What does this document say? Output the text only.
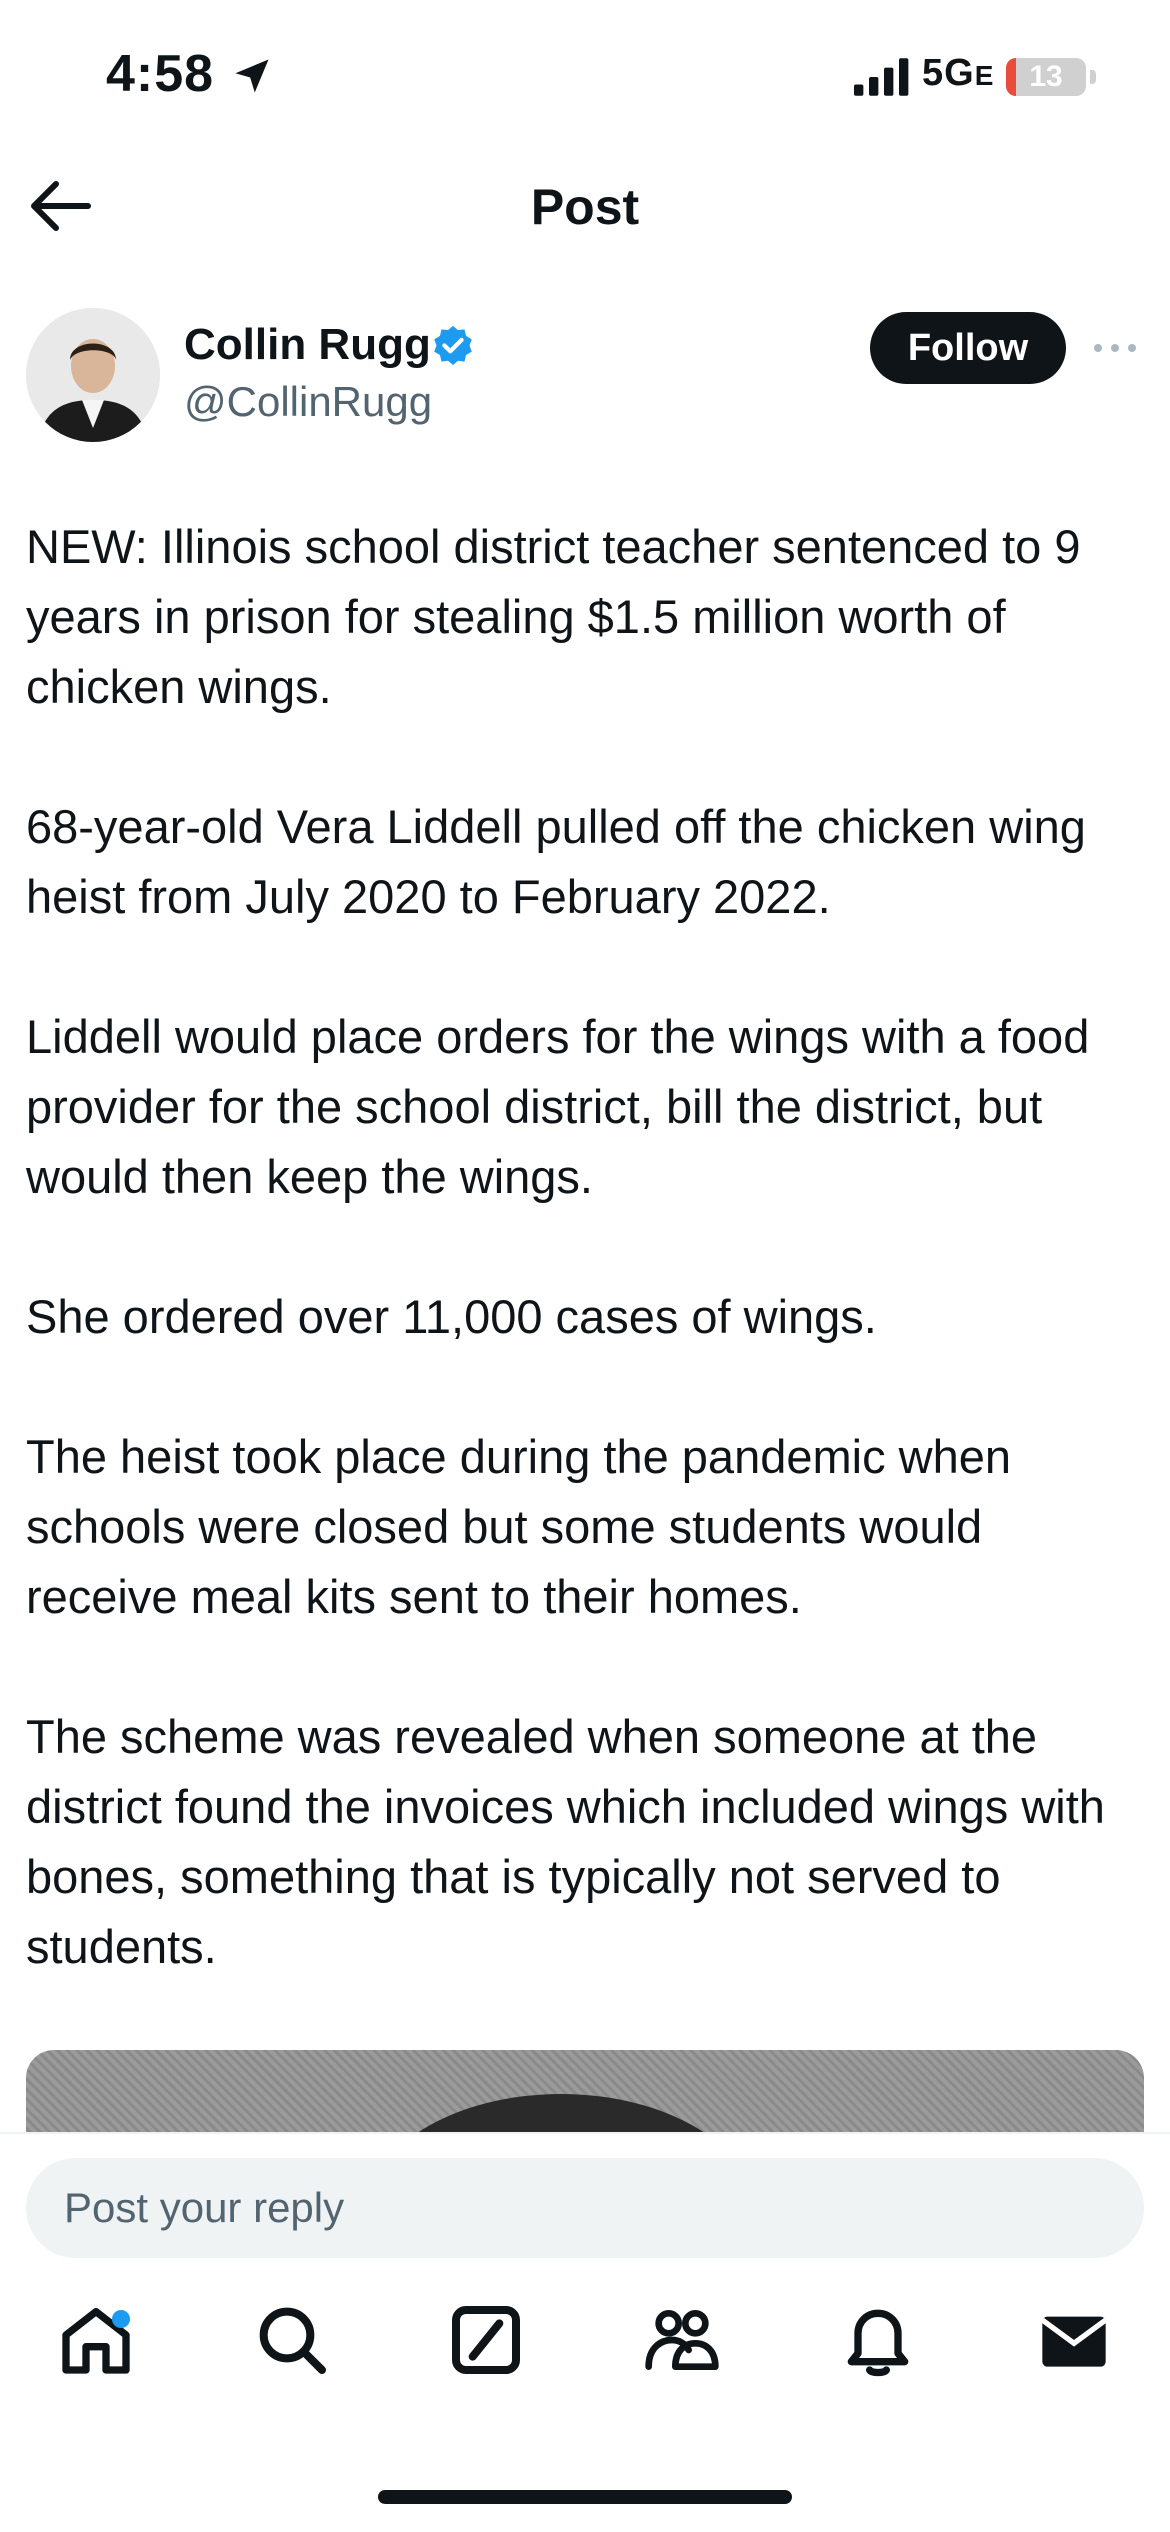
4:58	5GE	13
Post
Collin Rugg
@CollinRugg
Follow

NEW: Illinois school district teacher sentenced to 9 years in prison for stealing $1.5 million worth of chicken wings.

68-year-old Vera Liddell pulled off the chicken wing heist from July 2020 to February 2022.

Liddell would place orders for the wings with a food provider for the school district, bill the district, but would then keep the wings.

She ordered over 11,000 cases of wings.

The heist took place during the pandemic when schools were closed but some students would receive meal kits sent to their homes.

The scheme was revealed when someone at the district found the invoices which included wings with bones, something that is typically not served to students.

Post your reply
